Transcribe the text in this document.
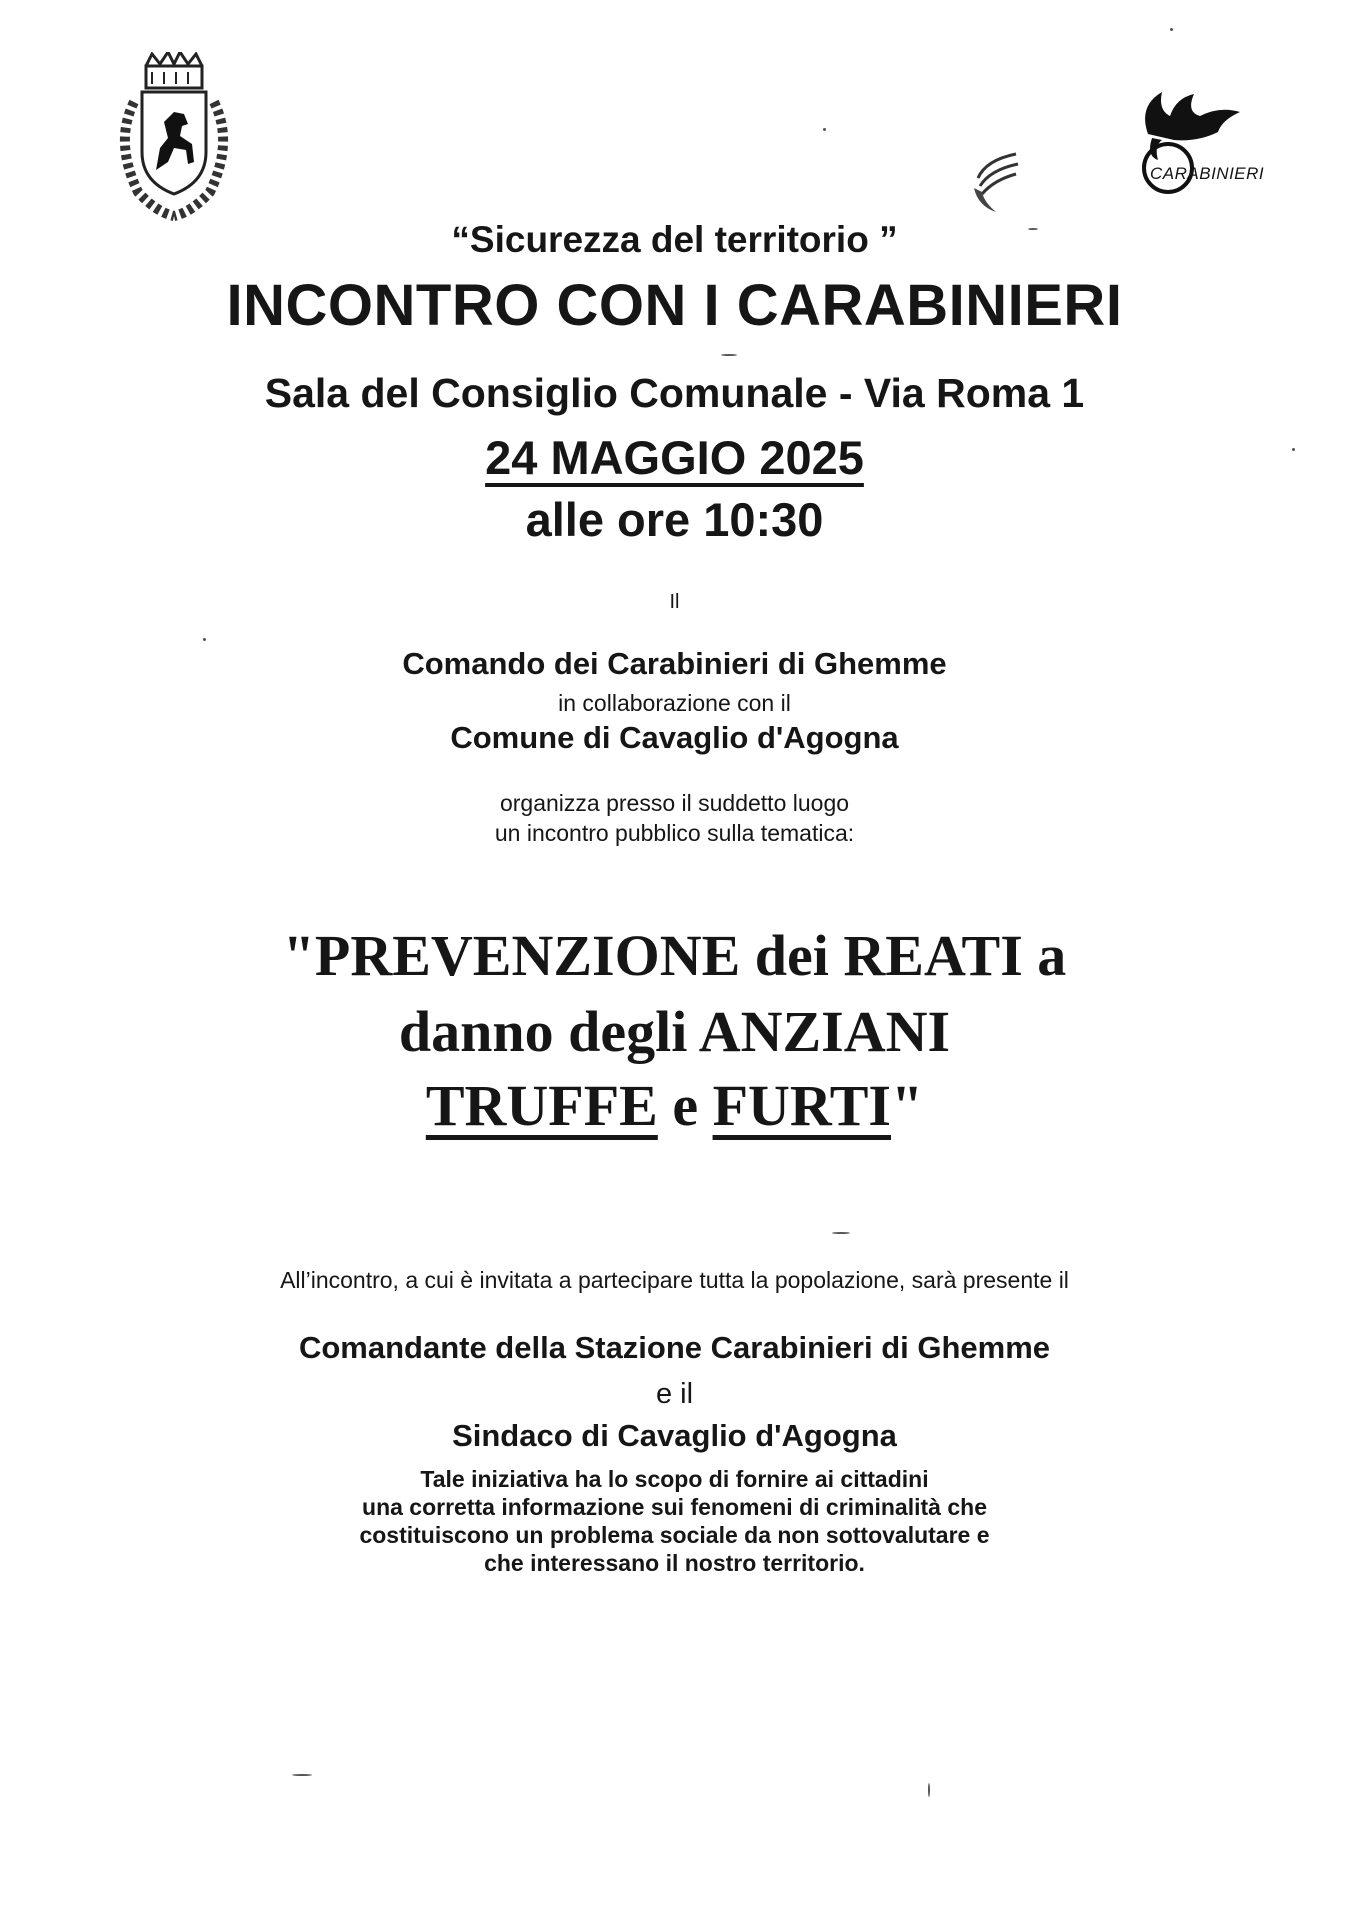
CARABINIERI
“Sicurezza del territorio ”
INCONTRO CON I CARABINIERI
Sala del Consiglio Comunale - Via Roma 1
24 MAGGIO 2025
alle ore 10:30
Il
Comando dei Carabinieri di Ghemme
in collaborazione con il
Comune di Cavaglio d'Agogna
organizza presso il suddetto luogo
un incontro pubblico sulla tematica:
"PREVENZIONE dei REATI a
danno degli ANZIANI
TRUFFE e FURTI"
All’incontro, a cui è invitata a partecipare tutta la popolazione, sarà presente il
Comandante della Stazione Carabinieri di Ghemme
e il
Sindaco di Cavaglio d'Agogna
Tale iniziativa ha lo scopo di fornire ai cittadini
una corretta informazione sui fenomeni di criminalità che
costituiscono un problema sociale da non sottovalutare e
che interessano il nostro territorio.
